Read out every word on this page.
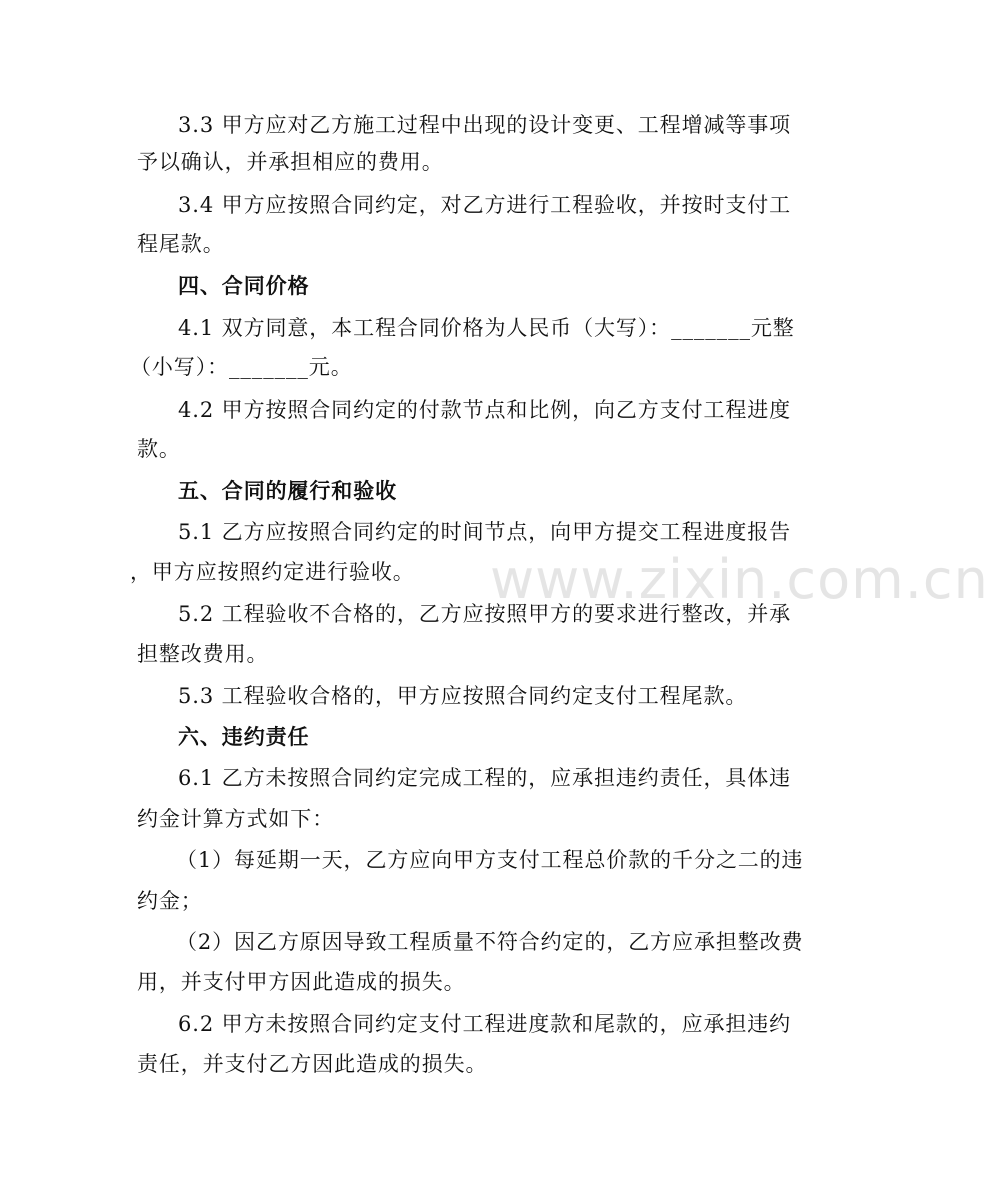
www.zixin.com.cn
3.3 甲方应对乙方施工过程中出现的设计变更、工程增减等事项
予以确认，并承担相应的费用。
3.4 甲方应按照合同约定，对乙方进行工程验收，并按时支付工
程尾款。
四、合同价格
4.1 双方同意，本工程合同价格为人民币（大写）：_______元整
（小写）：_______元。
4.2 甲方按照合同约定的付款节点和比例，向乙方支付工程进度
款。
五、合同的履行和验收
5.1 乙方应按照合同约定的时间节点，向甲方提交工程进度报告
，甲方应按照约定进行验收。
5.2 工程验收不合格的，乙方应按照甲方的要求进行整改，并承
担整改费用。
5.3 工程验收合格的，甲方应按照合同约定支付工程尾款。
六、违约责任
6.1 乙方未按照合同约定完成工程的，应承担违约责任，具体违
约金计算方式如下：
（1）每延期一天，乙方应向甲方支付工程总价款的千分之二的违
约金；
（2）因乙方原因导致工程质量不符合约定的，乙方应承担整改费
用，并支付甲方因此造成的损失。
6.2 甲方未按照合同约定支付工程进度款和尾款的，应承担违约
责任，并支付乙方因此造成的损失。
